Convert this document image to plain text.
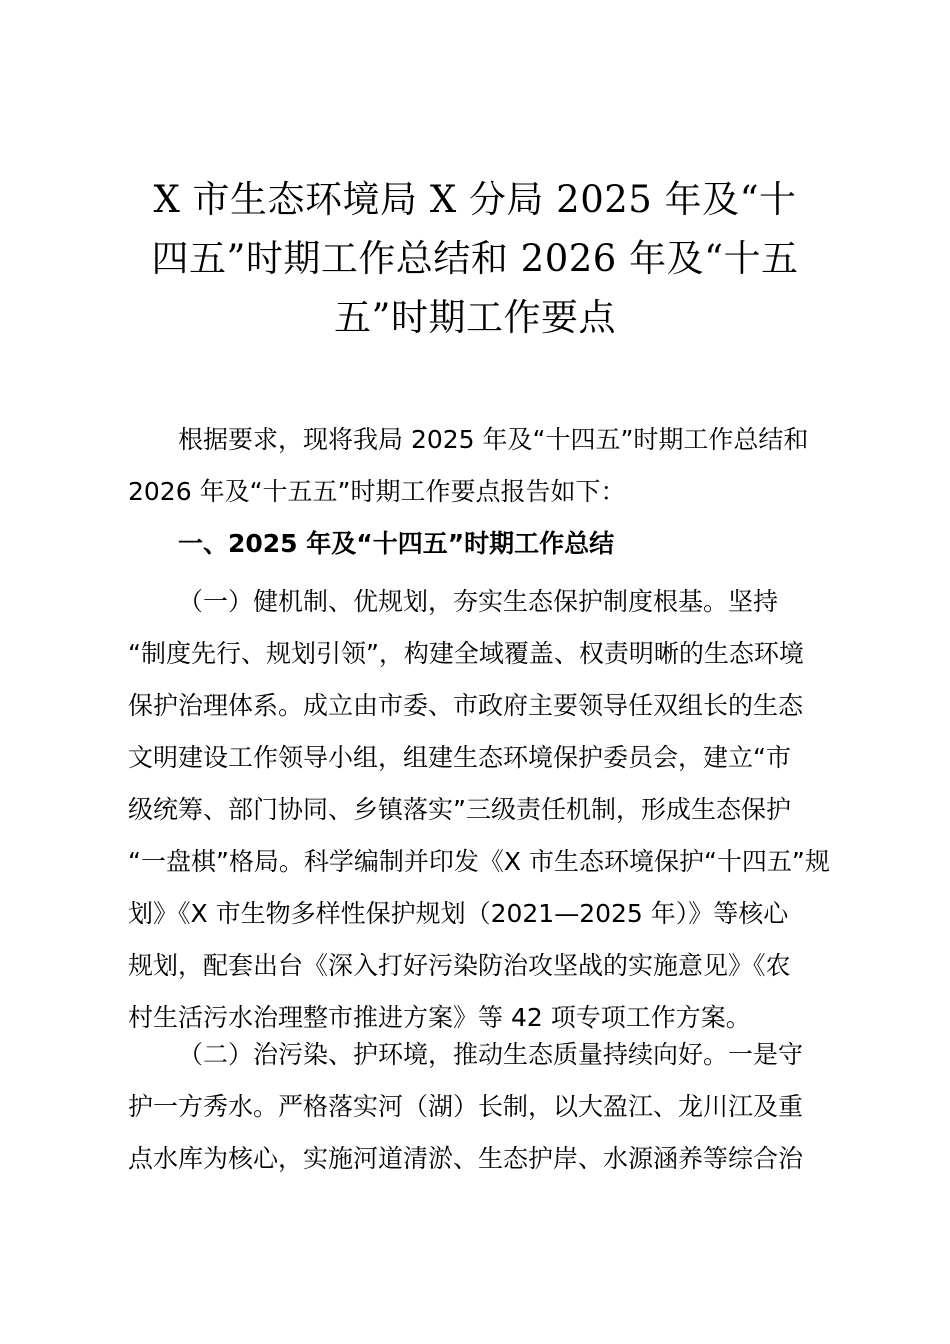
X 市生态环境局 X 分局 2025 年及“十
四五”时期工作总结和 2026 年及“十五
五”时期工作要点
根据要求，现将我局 2025 年及“十四五”时期工作总结和
2026 年及“十五五”时期工作要点报告如下：
一、2025 年及“十四五”时期工作总结
（一）健机制、优规划，夯实生态保护制度根基。坚持
“制度先行、规划引领”，构建全域覆盖、权责明晰的生态环境
保护治理体系。成立由市委、市政府主要领导任双组长的生态
文明建设工作领导小组，组建生态环境保护委员会，建立“市
级统筹、部门协同、乡镇落实”三级责任机制，形成生态保护
“一盘棋”格局。科学编制并印发《X 市生态环境保护“十四五”规
划》《X 市生物多样性保护规划（2021—2025 年）》等核心
规划，配套出台《深入打好污染防治攻坚战的实施意见》《农
村生活污水治理整市推进方案》等 42 项专项工作方案。
（二）治污染、护环境，推动生态质量持续向好。一是守
护一方秀水。严格落实河（湖）长制，以大盈江、龙川江及重
点水库为核心，实施河道清淤、生态护岸、水源涵养等综合治
